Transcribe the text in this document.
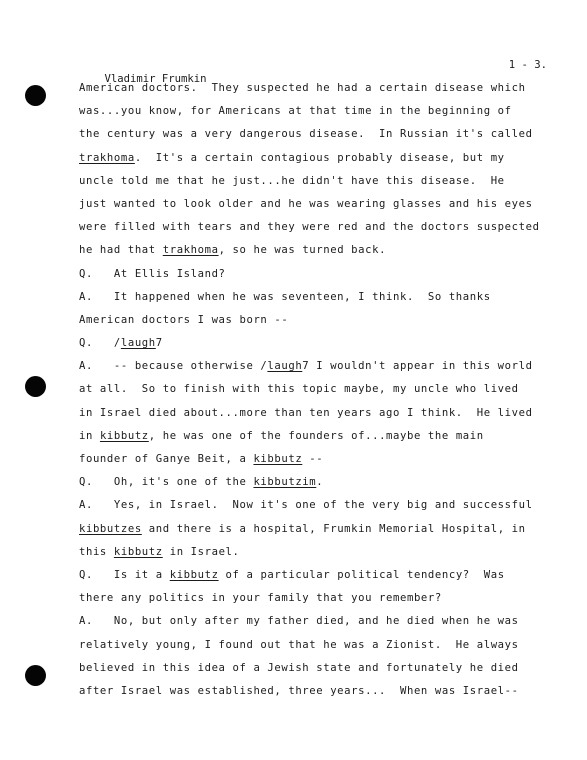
Vladimir Frumkin

1 - 3.

American doctors.  They suspected he had a certain disease which
was...you know, for Americans at that time in the beginning of
the century was a very dangerous disease.  In Russian it's called
trakhoma.  It's a certain contagious probably disease, but my
uncle told me that he just...he didn't have this disease.  He
just wanted to look older and he was wearing glasses and his eyes
were filled with tears and they were red and the doctors suspected
he had that trakhoma, so he was turned back.
Q.   At Ellis Island?
A.   It happened when he was seventeen, I think.  So thanks
American doctors I was born --
Q.   /laugh7
A.   -- because otherwise /laugh7 I wouldn't appear in this world
at all.  So to finish with this topic maybe, my uncle who lived
in Israel died about...more than ten years ago I think.  He lived
in kibbutz, he was one of the founders of...maybe the main
founder of Ganye Beit, a kibbutz --
Q.   Oh, it's one of the kibbutzim.
A.   Yes, in Israel.  Now it's one of the very big and successful
kibbutzes and there is a hospital, Frumkin Memorial Hospital, in
this kibbutz in Israel.
Q.   Is it a kibbutz of a particular political tendency?  Was
there any politics in your family that you remember?
A.   No, but only after my father died, and he died when he was
relatively young, I found out that he was a Zionist.  He always
believed in this idea of a Jewish state and fortunately he died
after Israel was established, three years...  When was Israel--
